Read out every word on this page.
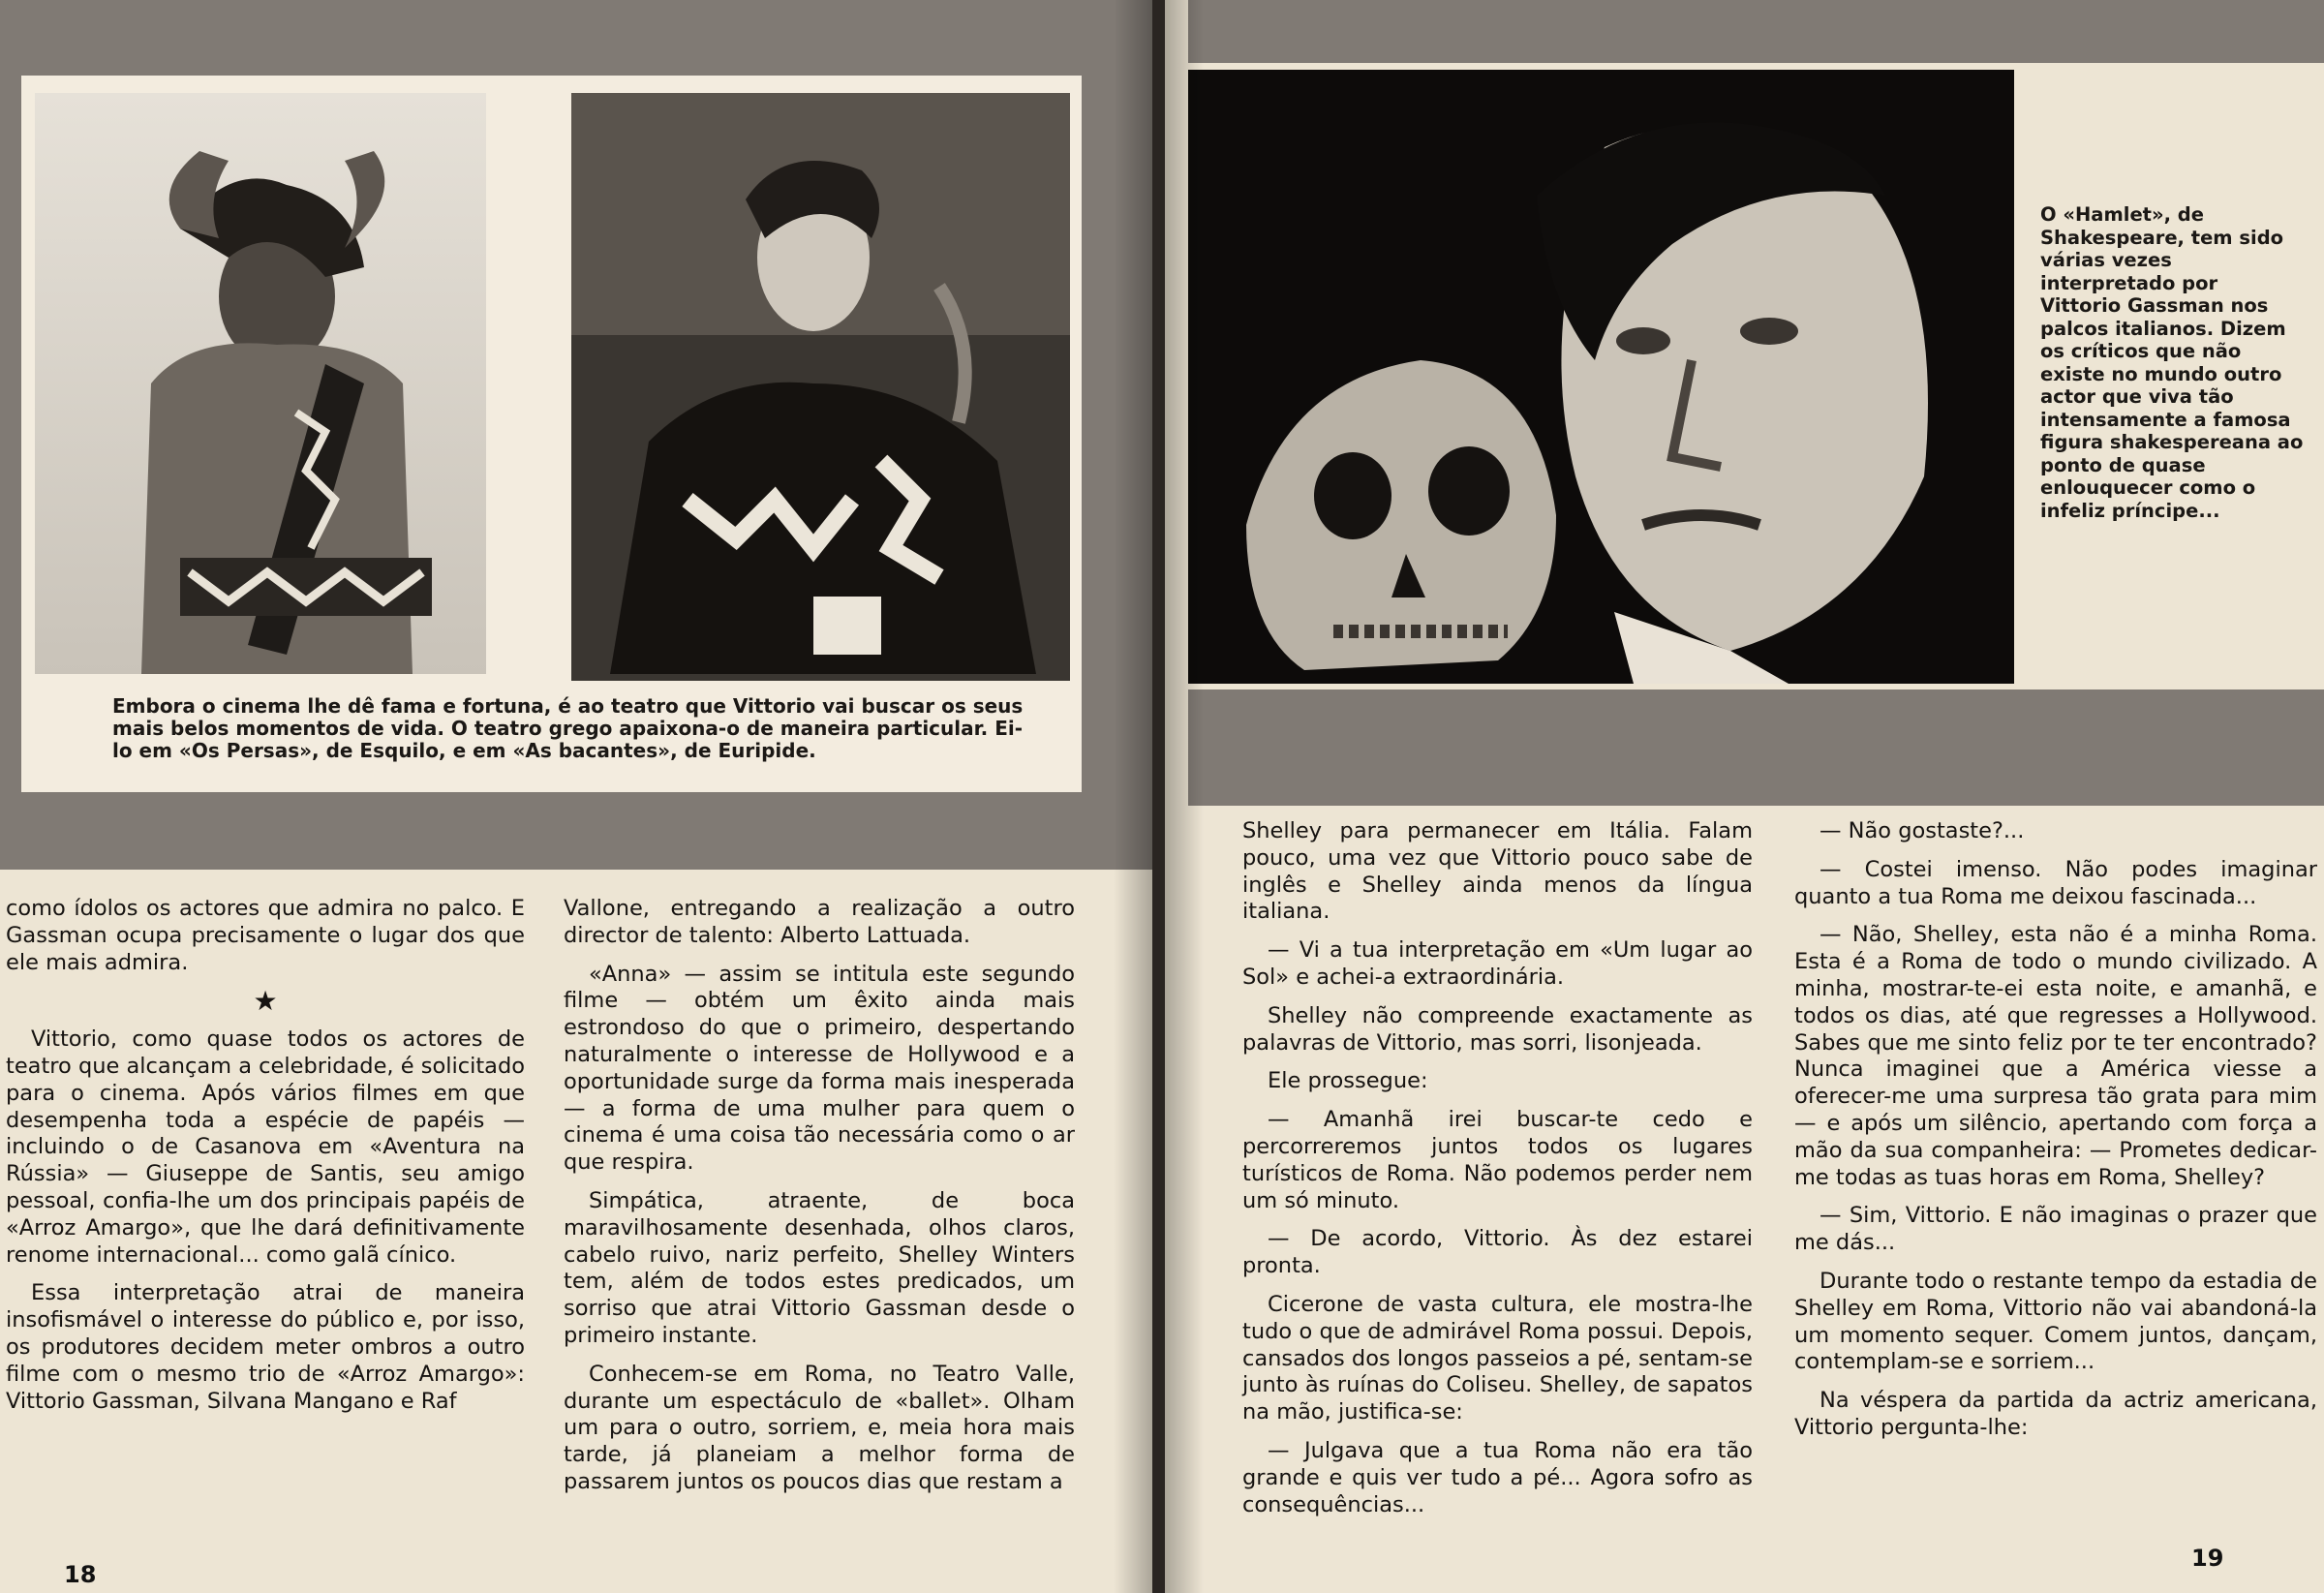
Embora o cinema lhe dê fama e fortuna, é ao teatro que Vittorio vai buscar os seus mais belos momentos de vida. O teatro grego apaixona-o de maneira particular. Ei-lo em «Os Persas», de Esquilo, e em «As bacantes», de Euripide.

como ídolos os actores que admira no palco. E Gassman ocupa precisamente o lugar dos que ele mais admira.

★

Vittorio, como quase todos os actores de teatro que alcançam a celebridade, é solicitado para o cinema. Após vários filmes em que desempenha toda a espécie de papéis — incluindo o de Casanova em «Aventura na Rússia» — Giuseppe de Santis, seu amigo pessoal, confia-lhe um dos principais papéis de «Arroz Amargo», que lhe dará definitivamente renome internacional... como galã cínico.

Essa interpretação atrai de maneira insofismável o interesse do público e, por isso, os produtores decidem meter ombros a outro filme com o mesmo trio de «Arroz Amargo»: Vittorio Gassman, Silvana Mangano e Raf

Vallone, entregando a realização a outro director de talento: Alberto Lattuada.

«Anna» — assim se intitula este segundo filme — obtém um êxito ainda mais estrondoso do que o primeiro, despertando naturalmente o interesse de Hollywood e a oportunidade surge da forma mais inesperada — a forma de uma mulher para quem o cinema é uma coisa tão necessária como o ar que respira.

Simpática, atraente, de boca maravilhosamente desenhada, olhos claros, cabelo ruivo, nariz perfeito, Shelley Winters tem, além de todos estes predicados, um sorriso que atrai Vittorio Gassman desde o primeiro instante.

Conhecem-se em Roma, no Teatro Valle, durante um espectáculo de «ballet». Olham um para o outro, sorriem, e, meia hora mais tarde, já planeiam a melhor forma de passarem juntos os poucos dias que restam a

18
O «Hamlet», de Shakespeare, tem sido várias vezes interpretado por Vittorio Gassman nos palcos italianos. Dizem os críticos que não existe no mundo outro actor que viva tão intensamente a famosa figura shakespereana ao ponto de quase enlouquecer como o infeliz príncipe...

Shelley para permanecer em Itália. Falam pouco, uma vez que Vittorio pouco sabe de inglês e Shelley ainda menos da língua italiana.

— Vi a tua interpretação em «Um lugar ao Sol» e achei-a extraordinária.

Shelley não compreende exactamente as palavras de Vittorio, mas sorri, lisonjeada.

Ele prossegue:

— Amanhã irei buscar-te cedo e percorreremos juntos todos os lugares turísticos de Roma. Não podemos perder nem um só minuto.

— De acordo, Vittorio. Às dez estarei pronta.

Cicerone de vasta cultura, ele mostra-lhe tudo o que de admirável Roma possui. Depois, cansados dos longos passeios a pé, sentam-se junto às ruínas do Coliseu. Shelley, de sapatos na mão, justifica-se:

— Julgava que a tua Roma não era tão grande e quis ver tudo a pé... Agora sofro as consequências...

— Não gostaste?...

— Costei imenso. Não podes imaginar quanto a tua Roma me deixou fascinada...

— Não, Shelley, esta não é a minha Roma. Esta é a Roma de todo o mundo civilizado. A minha, mostrar-te-ei esta noite, e amanhã, e todos os dias, até que regresses a Hollywood. Sabes que me sinto feliz por te ter encontrado? Nunca imaginei que a América viesse a oferecer-me uma surpresa tão grata para mim — e após um silêncio, apertando com força a mão da sua companheira: — Prometes dedicar-me todas as tuas horas em Roma, Shelley?

— Sim, Vittorio. E não imaginas o prazer que me dás...

Durante todo o restante tempo da estadia de Shelley em Roma, Vittorio não vai abandoná-la um momento sequer. Comem juntos, dançam, contemplam-se e sorriem...

Na véspera da partida da actriz americana, Vittorio pergunta-lhe:

19
